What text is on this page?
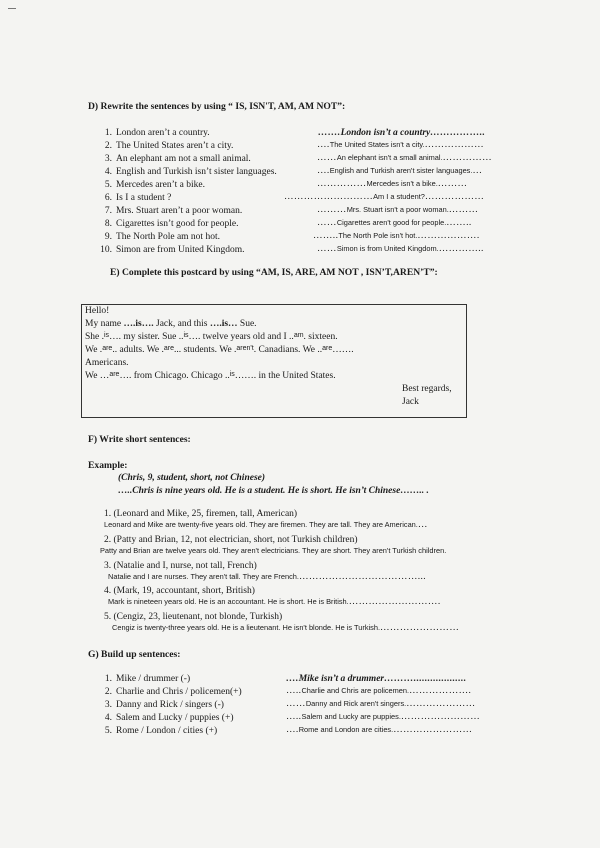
D) Rewrite the sentences by using “ IS, ISN'T, AM, AM NOT”:
1. London aren’t a country.
2. The United States aren’t a city.
3. An elephant am not a small animal.
4. English and Turkish isn’t sister languages.
5. Mercedes aren’t a bike.
6. Is I a student ?
7. Mrs. Stuart aren’t a poor woman.
8. Cigarettes isn’t good for people.
9. The North Pole am not hot.
10. Simon are from United Kingdom.
…….London isn’t a country……………..
….The United States isn't a city.………………
……An elephant isn't a small animal.……………
….English and Turkish aren't sister languages.…
……………Mercedes isn't a bike.………
………………………Am I a student?………………
………Mrs. Stuart isn't a poor woman.………
……Cigarettes aren't good for people.……..
……..The North Pole isn't hot.……………….
……Simon is from United Kingdom.…………..
E) Complete this postcard by using “AM, IS, ARE, AM NOT , ISN’T,AREN’T”:
Hello!
My name ….is…. Jack, and this ….is… Sue.
She .$^{is}$…. my sister. Sue ..$^{is}$…. twelve years old and I ..$^{am}$. sixteen.
We .$^{are}$.. adults. We .$^{are}$... students. We .$^{aren't}$. Canadians. We ..$^{are}$…….
Americans.
We …$^{are}$…. from Chicago. Chicago ..$^{is}$……. in the United States.
Best regards,
Jack
F) Write short sentences:
Example:
(Chris, 9, student, short, not Chinese)
…..Chris is nine years old. He is a student. He is short. He isn’t Chinese…….. .
1. (Leonard and Mike, 25, firemen, tall, American)
Leonard and Mike are twenty-five years old. They are firemen. They are tall. They are American.…
2. (Patty and Brian, 12, not electrician, short, not Turkish children)
Patty and Brian are twelve years old. They aren't electricians. They are short. They aren't Turkish children.
3. (Natalie and I, nurse, not tall, French)
Natalie and I are nurses. They aren't tall. They are French.………………………………...
4. (Mark, 19, accountant, short, British)
Mark is nineteen years old. He is an accountant. He is short. He is British.……………………….
5. (Cengiz, 23, lieutenant, not blonde, Turkish)
Cengiz is twenty-three years old. He is a lieutenant. He isn't blonde. He is Turkish.……………………
G) Build up sentences:
1. Mike / drummer (-)
2. Charlie and Chris / policemen(+)
3. Danny and Rick / singers (-)
4. Salem and Lucky / puppies (+)
5. Rome / London / cities (+)
….Mike isn’t a drummer………...................
…..Charlie and Chris are policemen.……………….
……Danny and Rick aren't singers.…………………
…..Salem and Lucky are puppies.……………………
….Rome and London are cities.……………………
